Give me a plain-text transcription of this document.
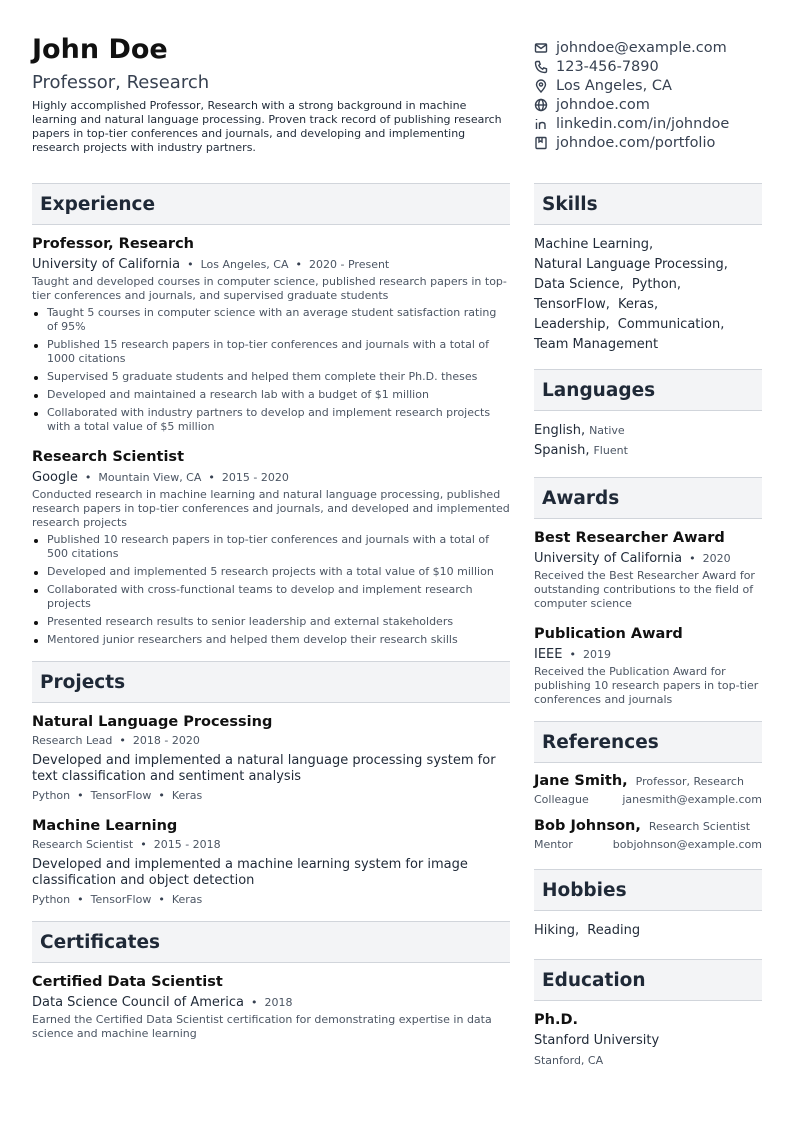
John Doe
Professor, Research
Highly accomplished Professor, Research with a strong background in machine learning and natural language processing. Proven track record of publishing research papers in top-tier conferences and journals, and developing and implementing research projects with industry partners.
johndoe@example.com
123-456-7890
Los Angeles, CA
johndoe.com
linkedin.com/in/johndoe
johndoe.com/portfolio
Experience
Professor, Research
University of California • Los Angeles, CA • 2020 - Present
Taught and developed courses in computer science, published research papers in top-tier conferences and journals, and supervised graduate students
Taught 5 courses in computer science with an average student satisfaction rating of 95%
Published 15 research papers in top-tier conferences and journals with a total of 1000 citations
Supervised 5 graduate students and helped them complete their Ph.D. theses
Developed and maintained a research lab with a budget of $1 million
Collaborated with industry partners to develop and implement research projects with a total value of $5 million
Research Scientist
Google • Mountain View, CA • 2015 - 2020
Conducted research in machine learning and natural language processing, published research papers in top-tier conferences and journals, and developed and implemented research projects
Published 10 research papers in top-tier conferences and journals with a total of 500 citations
Developed and implemented 5 research projects with a total value of $10 million
Collaborated with cross-functional teams to develop and implement research projects
Presented research results to senior leadership and external stakeholders
Mentored junior researchers and helped them develop their research skills
Projects
Natural Language Processing
Research Lead • 2018 - 2020
Developed and implemented a natural language processing system for text classification and sentiment analysis
Python • TensorFlow • Keras
Machine Learning
Research Scientist • 2015 - 2018
Developed and implemented a machine learning system for image classification and object detection
Python • TensorFlow • Keras
Certificates
Certified Data Scientist
Data Science Council of America • 2018
Earned the Certified Data Scientist certification for demonstrating expertise in data science and machine learning
Skills
Machine Learning,
Natural Language Processing,
Data Science, Python,
TensorFlow, Keras,
Leadership, Communication,
Team Management
Languages
English, Native
Spanish, Fluent
Awards
Best Researcher Award
University of California • 2020
Received the Best Researcher Award for outstanding contributions to the field of computer science
Publication Award
IEEE • 2019
Received the Publication Award for publishing 10 research papers in top-tier conferences and journals
References
Jane Smith, Professor, Research
Colleague	janesmith@example.com
Bob Johnson, Research Scientist
Mentor	bobjohnson@example.com
Hobbies
Hiking, Reading
Education
Ph.D.
Stanford University
Stanford, CA
